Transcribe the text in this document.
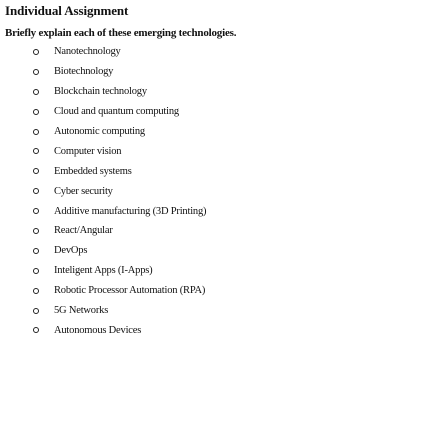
Individual Assignment
Briefly explain each of these emerging technologies.
Nanotechnology
Biotechnology
Blockchain technology
Cloud and quantum computing
Autonomic computing
Computer vision
Embedded systems
Cyber security
Additive manufacturing (3D Printing)
React/Angular
DevOps
Inteligent Apps (I-Apps)
Robotic Processor Automation (RPA)
5G Networks
Autonomous Devices
